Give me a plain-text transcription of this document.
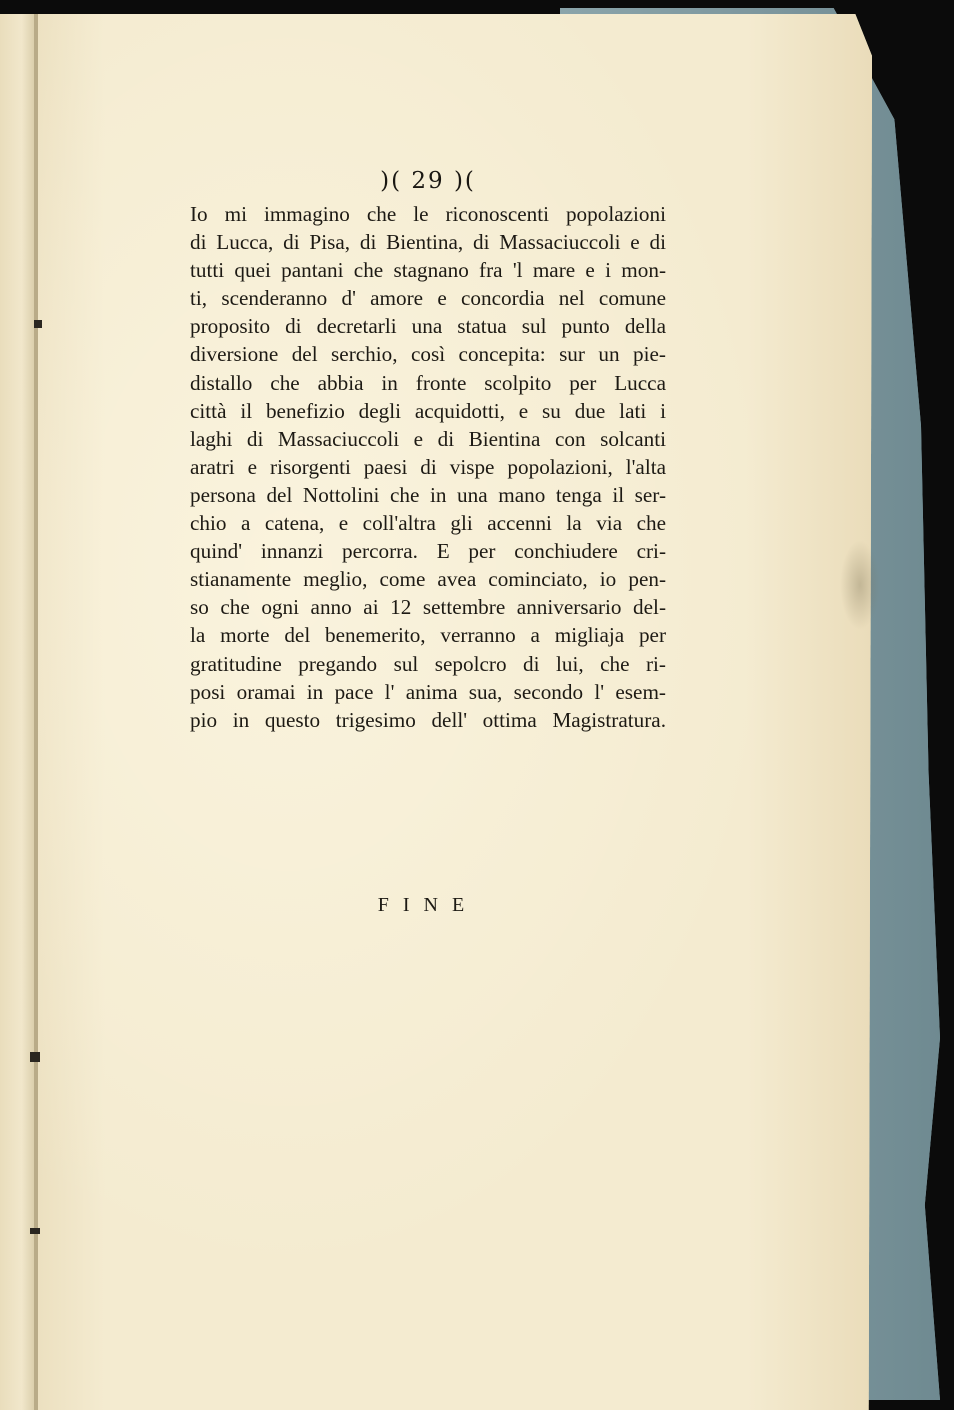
)( 29 )(
Io mi immagino che le riconoscenti popolazioni
di Lucca, di Pisa, di Bientina, di Massaciuccoli e di
tutti quei pantani che stagnano fra 'l mare e i mon-
ti, scenderanno d' amore e concordia nel comune
proposito di decretarli una statua sul punto della
diversione del serchio, così concepita: sur un pie-
distallo che abbia in fronte scolpito per Lucca
città il benefizio degli acquidotti, e su due lati i
laghi di Massaciuccoli e di Bientina con solcanti
aratri e risorgenti paesi di vispe popolazioni, l'alta
persona del Nottolini che in una mano tenga il ser-
chio a catena, e coll'altra gli accenni la via che
quind' innanzi percorra. E per conchiudere cri-
stianamente meglio, come avea cominciato, io pen-
so che ogni anno ai 12 settembre anniversario del-
la morte del benemerito, verranno a migliaja per
gratitudine pregando sul sepolcro di lui, che ri-
posi oramai in pace l' anima sua, secondo l' esem-
pio in questo trigesimo dell' ottima Magistratura.
FINE
